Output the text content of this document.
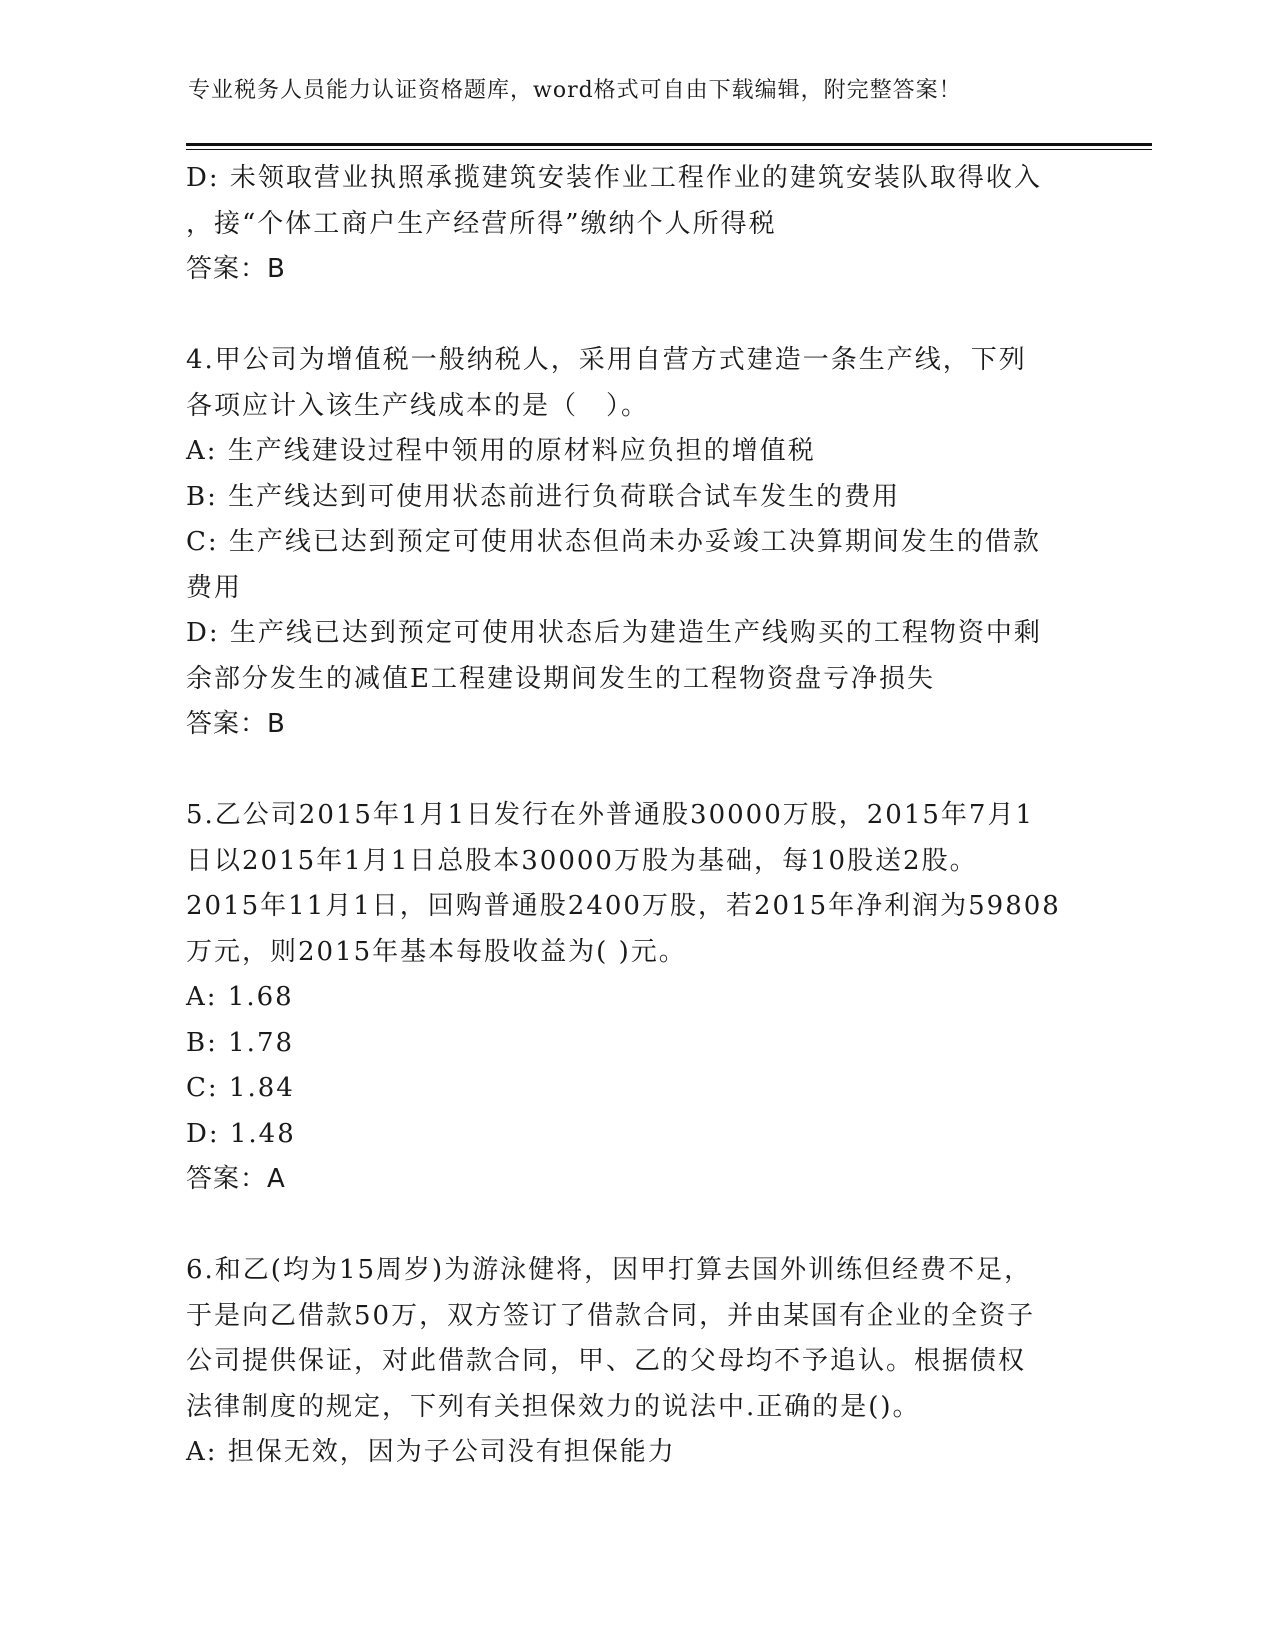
专业税务人员能力认证资格题库，word格式可自由下载编辑，附完整答案！
D: 未领取营业执照承揽建筑安装作业工程作业的建筑安装队取得收入
，接“个体工商户生产经营所得”缴纳个人所得税
答案：B
4.甲公司为增值税一般纳税人，采用自营方式建造一条生产线，下列
各项应计入该生产线成本的是（　）。
A: 生产线建设过程中领用的原材料应负担的增值税
B: 生产线达到可使用状态前进行负荷联合试车发生的费用
C: 生产线已达到预定可使用状态但尚未办妥竣工决算期间发生的借款
费用
D: 生产线已达到预定可使用状态后为建造生产线购买的工程物资中剩
余部分发生的减值E工程建设期间发生的工程物资盘亏净损失
答案：B
5.乙公司2015年1月1日发行在外普通股30000万股，2015年7月1
日以2015年1月1日总股本30000万股为基础，每10股送2股。
2015年11月1日，回购普通股2400万股，若2015年净利润为59808
万元，则2015年基本每股收益为( )元。
A: 1.68
B: 1.78
C: 1.84
D: 1.48
答案：A
6.和乙(均为15周岁)为游泳健将，因甲打算去国外训练但经费不足，
于是向乙借款50万，双方签订了借款合同，并由某国有企业的全资子
公司提供保证，对此借款合同，甲、乙的父母均不予追认。根据债权
法律制度的规定，下列有关担保效力的说法中.正确的是()。
A: 担保无效，因为子公司没有担保能力
